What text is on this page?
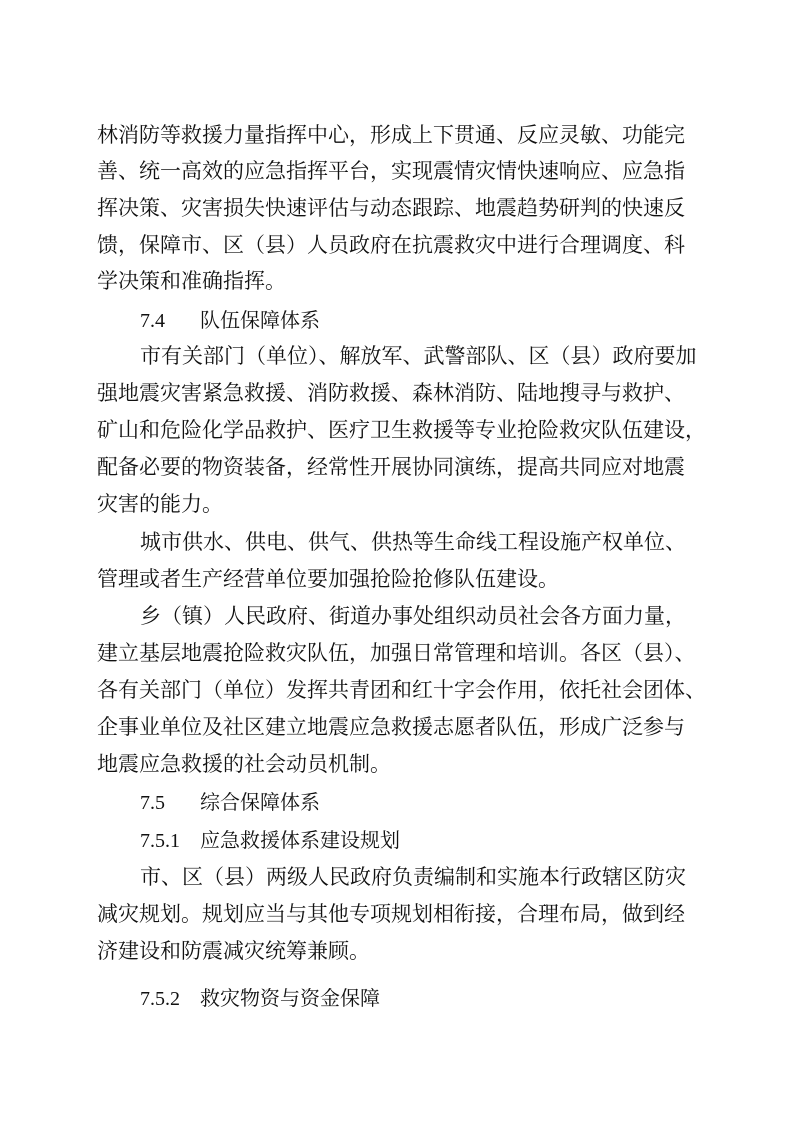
林消防等救援力量指挥中心，形成上下贯通、反应灵敏、功能完

善、统一高效的应急指挥平台，实现震情灾情快速响应、应急指

挥决策、灾害损失快速评估与动态跟踪、地震趋势研判的快速反

馈，保障市、区（县）人员政府在抗震救灾中进行合理调度、科

学决策和准确指挥。

7.4 队伍保障体系

市有关部门（单位）、解放军、武警部队、区（县）政府要加

强地震灾害紧急救援、消防救援、森林消防、陆地搜寻与救护、

矿山和危险化学品救护、医疗卫生救援等专业抢险救灾队伍建设，

配备必要的物资装备，经常性开展协同演练，提高共同应对地震

灾害的能力。

城市供水、供电、供气、供热等生命线工程设施产权单位、

管理或者生产经营单位要加强抢险抢修队伍建设。

乡（镇）人民政府、街道办事处组织动员社会各方面力量，

建立基层地震抢险救灾队伍，加强日常管理和培训。各区（县）、

各有关部门（单位）发挥共青团和红十字会作用，依托社会团体、

企事业单位及社区建立地震应急救援志愿者队伍，形成广泛参与

地震应急救援的社会动员机制。

7.5 综合保障体系

7.5.1 应急救援体系建设规划

市、区（县）两级人民政府负责编制和实施本行政辖区防灾

减灾规划。规划应当与其他专项规划相衔接，合理布局，做到经

济建设和防震减灾统筹兼顾。

7.5.2 救灾物资与资金保障
